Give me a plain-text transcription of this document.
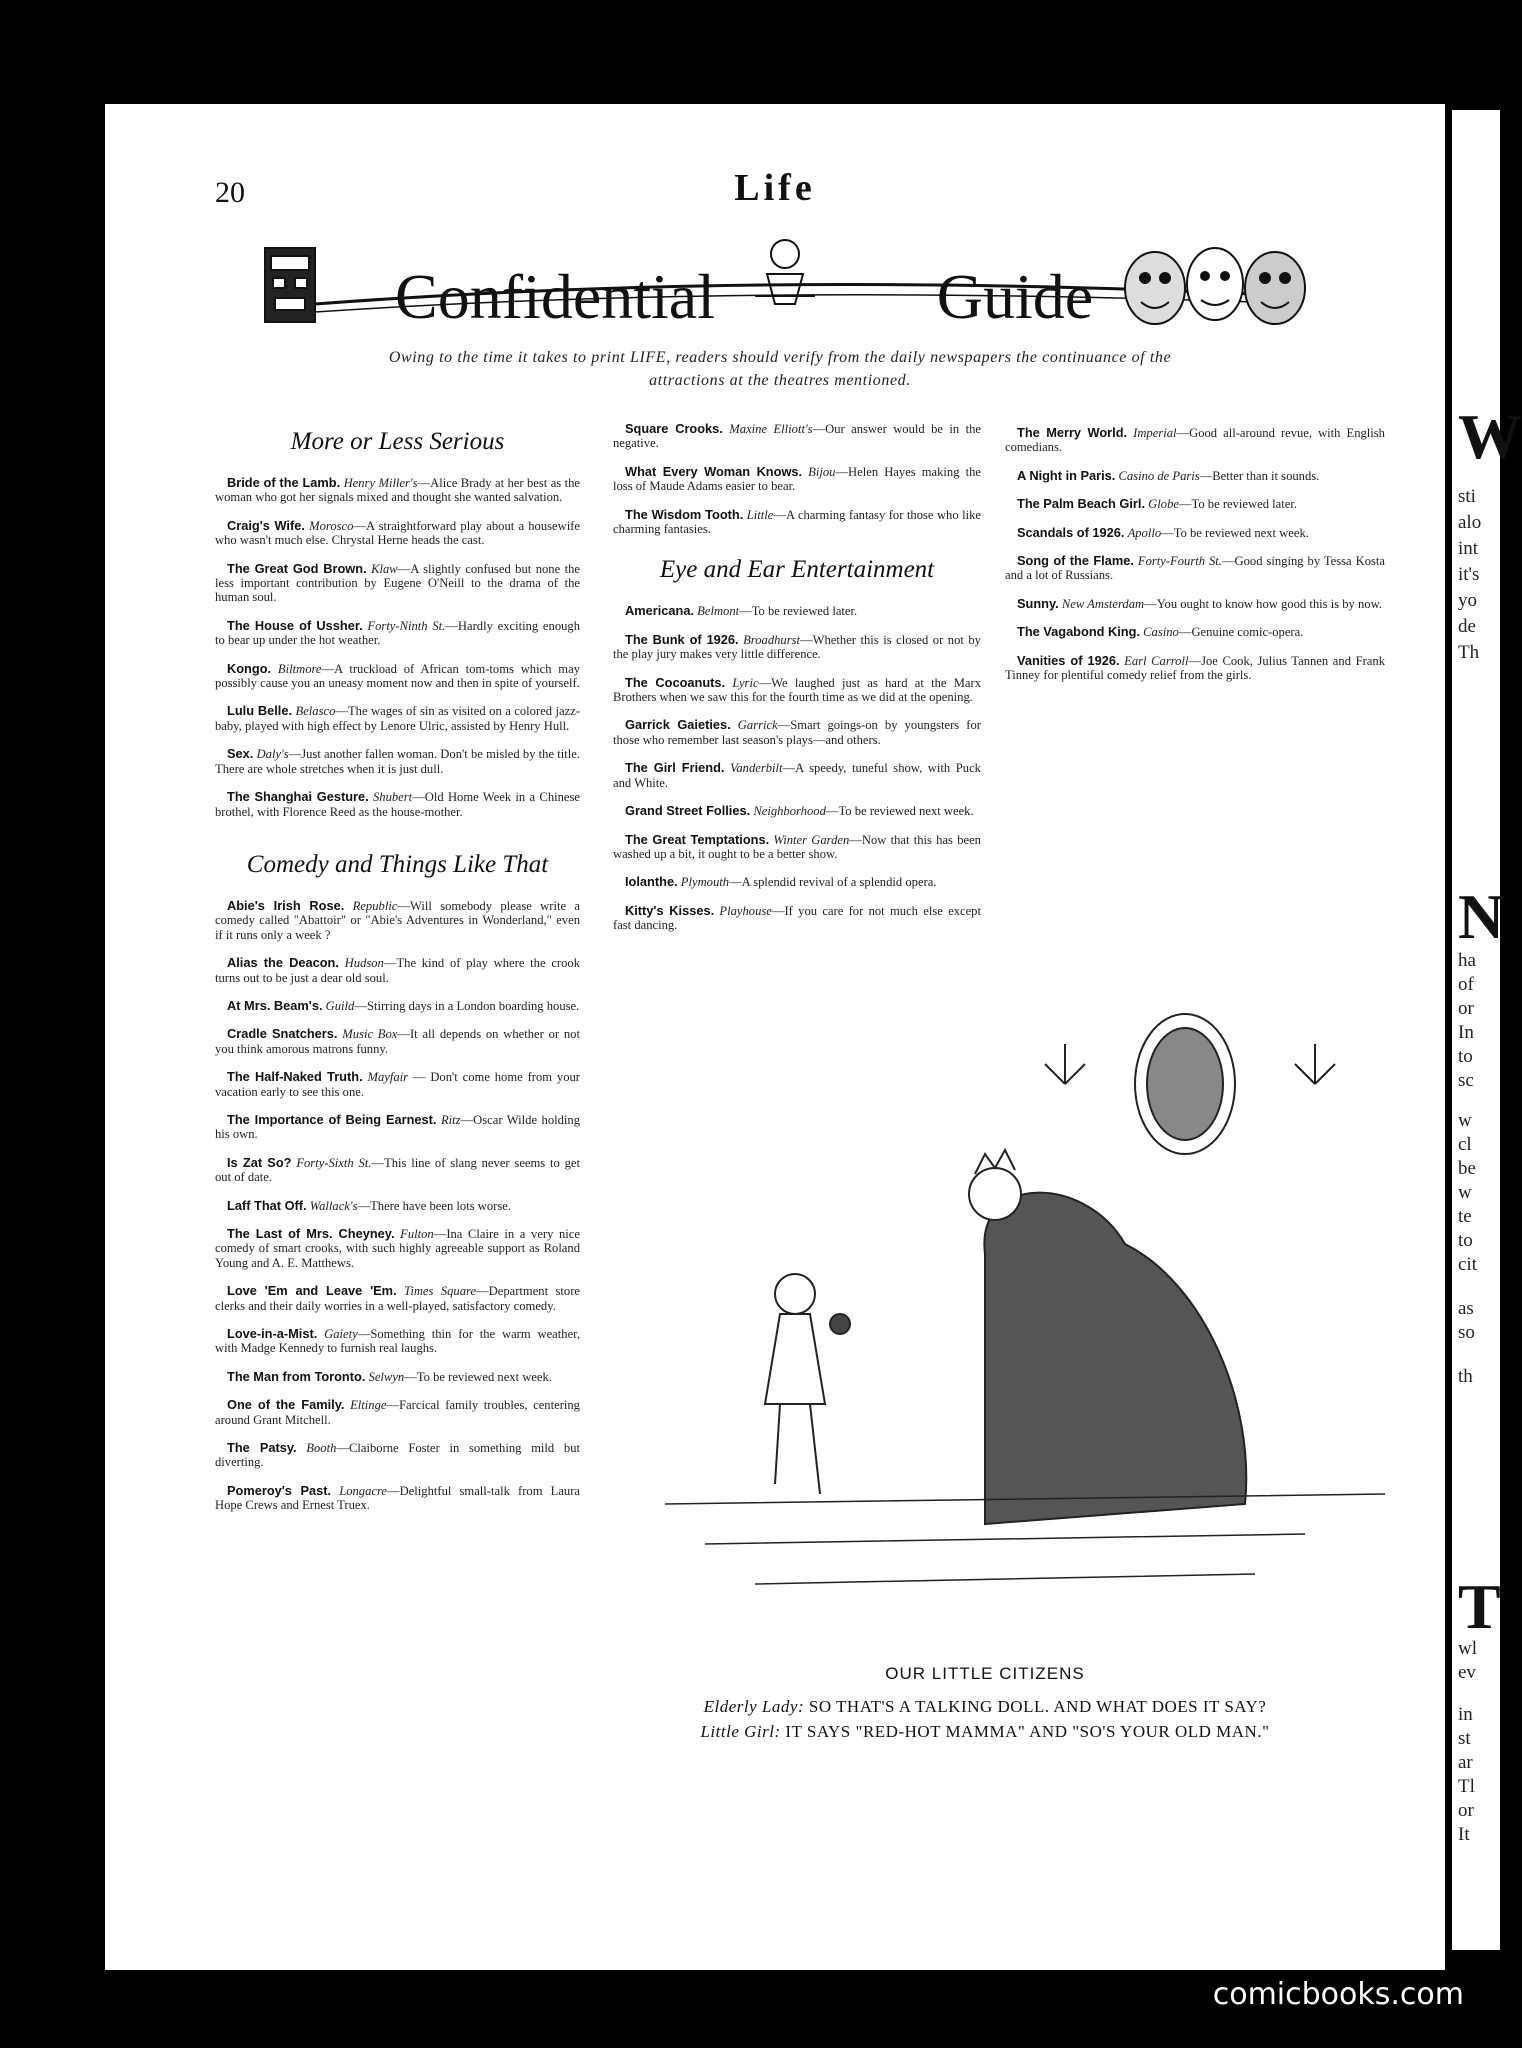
W
sti
alo
int
it's
yo
de
Th
N
ha
of
or
In
to
sc
w
cl
be
w
te
to
cit
as
so
th
T
wl
ev
in
st
ar
Tl
or
It
20	Life
Confidential	Guide
Owing to the time it takes to print LIFE, readers should verify from the daily newspapers the continuance of the attractions at the theatres mentioned.
More or Less Serious
Bride of the Lamb. Henry Miller's—Alice Brady at her best as the woman who got her signals mixed and thought she wanted salvation.
Craig's Wife. Morosco—A straightforward play about a housewife who wasn't much else. Chrystal Herne heads the cast.
The Great God Brown. Klaw—A slightly confused but none the less important contribution by Eugene O'Neill to the drama of the human soul.
The House of Ussher. Forty-Ninth St.—Hardly exciting enough to bear up under the hot weather.
Kongo. Biltmore—A truckload of African tom-toms which may possibly cause you an uneasy moment now and then in spite of yourself.
Lulu Belle. Belasco—The wages of sin as visited on a colored jazz-baby, played with high effect by Lenore Ulric, assisted by Henry Hull.
Sex. Daly's—Just another fallen woman. Don't be misled by the title. There are whole stretches when it is just dull.
The Shanghai Gesture. Shubert—Old Home Week in a Chinese brothel, with Florence Reed as the house-mother.
Comedy and Things Like That
Abie's Irish Rose. Republic—Will somebody please write a comedy called "Abattoir" or "Abie's Adventures in Wonderland," even if it runs only a week ?
Alias the Deacon. Hudson—The kind of play where the crook turns out to be just a dear old soul.
At Mrs. Beam's. Guild—Stirring days in a London boarding house.
Cradle Snatchers. Music Box—It all depends on whether or not you think amorous matrons funny.
The Half-Naked Truth. Mayfair — Don't come home from your vacation early to see this one.
The Importance of Being Earnest. Ritz—Oscar Wilde holding his own.
Is Zat So? Forty-Sixth St.—This line of slang never seems to get out of date.
Laff That Off. Wallack's—There have been lots worse.
The Last of Mrs. Cheyney. Fulton—Ina Claire in a very nice comedy of smart crooks, with such highly agreeable support as Roland Young and A. E. Matthews.
Love 'Em and Leave 'Em. Times Square—Department store clerks and their daily worries in a well-played, satisfactory comedy.
Love-in-a-Mist. Gaiety—Something thin for the warm weather, with Madge Kennedy to furnish real laughs.
The Man from Toronto. Selwyn—To be reviewed next week.
One of the Family. Eltinge—Farcical family troubles, centering around Grant Mitchell.
The Patsy. Booth—Claiborne Foster in something mild but diverting.
Pomeroy's Past. Longacre—Delightful small-talk from Laura Hope Crews and Ernest Truex.
Square Crooks. Maxine Elliott's—Our answer would be in the negative.
What Every Woman Knows. Bijou—Helen Hayes making the loss of Maude Adams easier to bear.
The Wisdom Tooth. Little—A charming fantasy for those who like charming fantasies.
Eye and Ear Entertainment
Americana. Belmont—To be reviewed later.
The Bunk of 1926. Broadhurst—Whether this is closed or not by the play jury makes very little difference.
The Cocoanuts. Lyric—We laughed just as hard at the Marx Brothers when we saw this for the fourth time as we did at the opening.
Garrick Gaieties. Garrick—Smart goings-on by youngsters for those who remember last season's plays—and others.
The Girl Friend. Vanderbilt—A speedy, tuneful show, with Puck and White.
Grand Street Follies. Neighborhood—To be reviewed next week.
The Great Temptations. Winter Garden—Now that this has been washed up a bit, it ought to be a better show.
Iolanthe. Plymouth—A splendid revival of a splendid opera.
Kitty's Kisses. Playhouse—If you care for not much else except fast dancing.
The Merry World. Imperial—Good all-around revue, with English comedians.
A Night in Paris. Casino de Paris—Better than it sounds.
The Palm Beach Girl. Globe—To be reviewed later.
Scandals of 1926. Apollo—To be reviewed next week.
Song of the Flame. Forty-Fourth St.—Good singing by Tessa Kosta and a lot of Russians.
Sunny. New Amsterdam—You ought to know how good this is by now.
The Vagabond King. Casino—Genuine comic-opera.
Vanities of 1926. Earl Carroll—Joe Cook, Julius Tannen and Frank Tinney for plentiful comedy relief from the girls.
OUR LITTLE CITIZENS
Elderly Lady: SO THAT'S A TALKING DOLL. AND WHAT DOES IT SAY?
Little Girl: IT SAYS "RED-HOT MAMMA" AND "SO'S YOUR OLD MAN."
comicbooks.com
